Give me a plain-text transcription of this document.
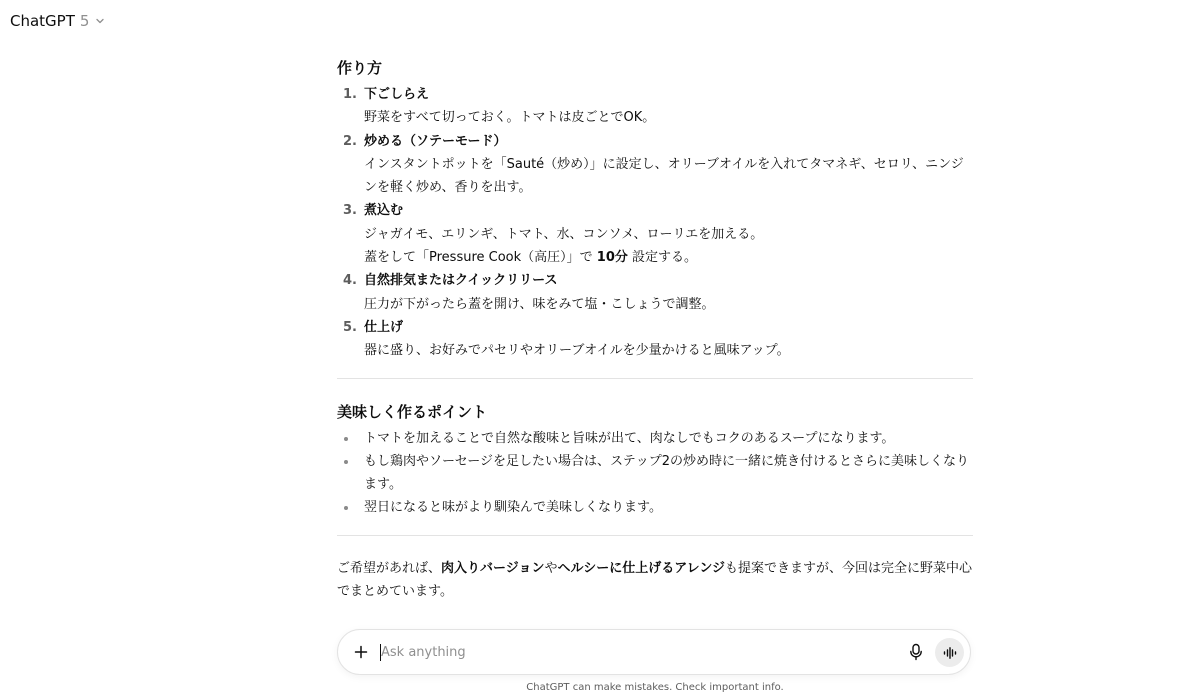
ChatGPT 5
作り方
1. 下ごしらえ
野菜をすべて切っておく。トマトは皮ごとでOK。
2. 炒める（ソテーモード）
インスタントポットを「Sauté（炒め）」に設定し、オリーブオイルを入れてタマネギ、セロリ、ニンジンを軽く炒め、香りを出す。
3. 煮込む
ジャガイモ、エリンギ、トマト、水、コンソメ、ローリエを加える。
蓋をして「Pressure Cook（高圧）」で 10分 設定する。
4. 自然排気またはクイックリリース
圧力が下がったら蓋を開け、味をみて塩・こしょうで調整。
5. 仕上げ
器に盛り、お好みでパセリやオリーブオイルを少量かけると風味アップ。
美味しく作るポイント
トマトを加えることで自然な酸味と旨味が出て、肉なしでもコクのあるスープになります。
もし鶏肉やソーセージを足したい場合は、ステップ2の炒め時に一緒に焼き付けるとさらに美味しくなります。
翌日になると味がより馴染んで美味しくなります。

ご希望があれば、肉入りバージョンやヘルシーに仕上げるアレンジも提案できますが、今回は完全に野菜中心でまとめています。

Ask anything
ChatGPT can make mistakes. Check important info.
